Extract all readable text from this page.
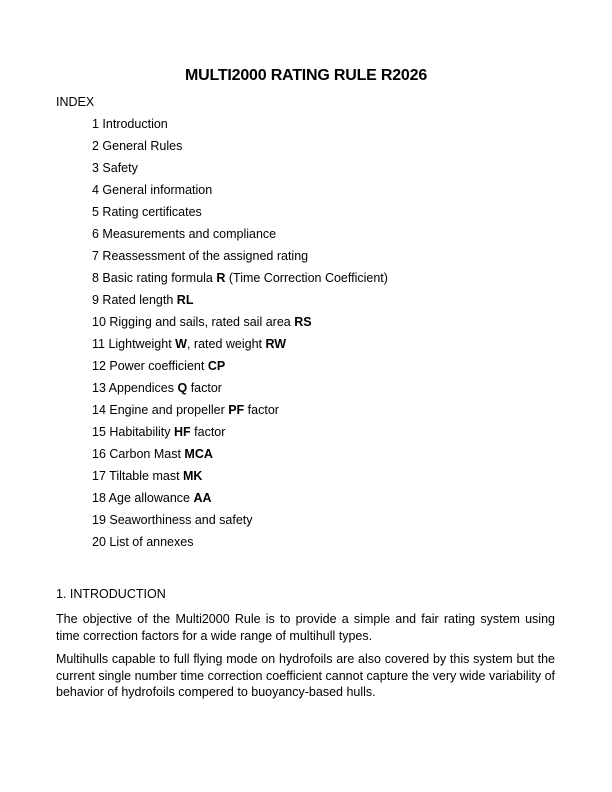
MULTI2000 RATING RULE R2026
INDEX
1 Introduction
2 General Rules
3 Safety
4 General information
5 Rating certificates
6 Measurements and compliance
7 Reassessment of the assigned rating
8 Basic rating formula R (Time Correction Coefficient)
9 Rated length RL
10 Rigging and sails, rated sail area RS
11 Lightweight W, rated weight RW
12 Power coefficient CP
13 Appendices Q factor
14 Engine and propeller PF factor
15 Habitability HF factor
16 Carbon Mast MCA
17 Tiltable mast MK
18 Age allowance AA
19 Seaworthiness and safety
20 List of annexes
1. INTRODUCTION

The objective of the Multi2000 Rule is to provide a simple and fair rating system using time correction factors for a wide range of multihull types.

Multihulls capable to full flying mode on hydrofoils are also covered by this system but the current single number time correction coefficient cannot capture the very wide variability of behavior of hydrofoils compered to buoyancy-based hulls.
